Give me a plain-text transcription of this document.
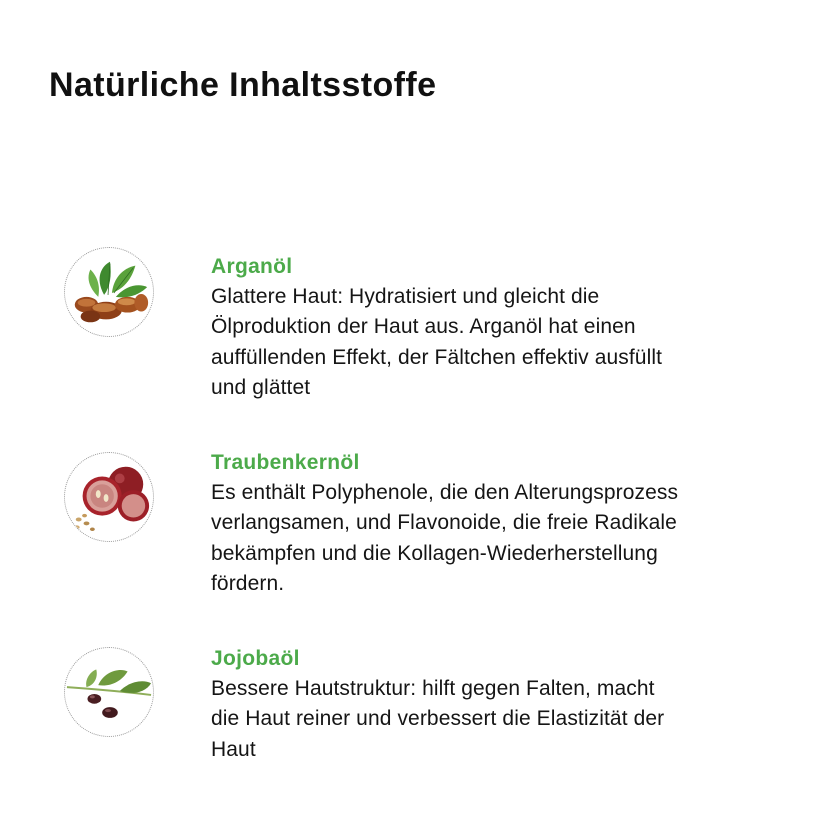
Natürliche Inhaltsstoffe

Arganöl

Glattere Haut: Hydratisiert und gleicht die
Ölproduktion der Haut aus. Arganöl hat einen
auffüllenden Effekt, der Fältchen effektiv ausfüllt
und glättet

Traubenkernöl

Es enthält Polyphenole, die den Alterungsprozess
verlangsamen, und Flavonoide, die freie Radikale
bekämpfen und die Kollagen-Wiederherstellung
fördern.

Jojobaöl

Bessere Hautstruktur: hilft gegen Falten, macht
die Haut reiner und verbessert die Elastizität der
Haut
